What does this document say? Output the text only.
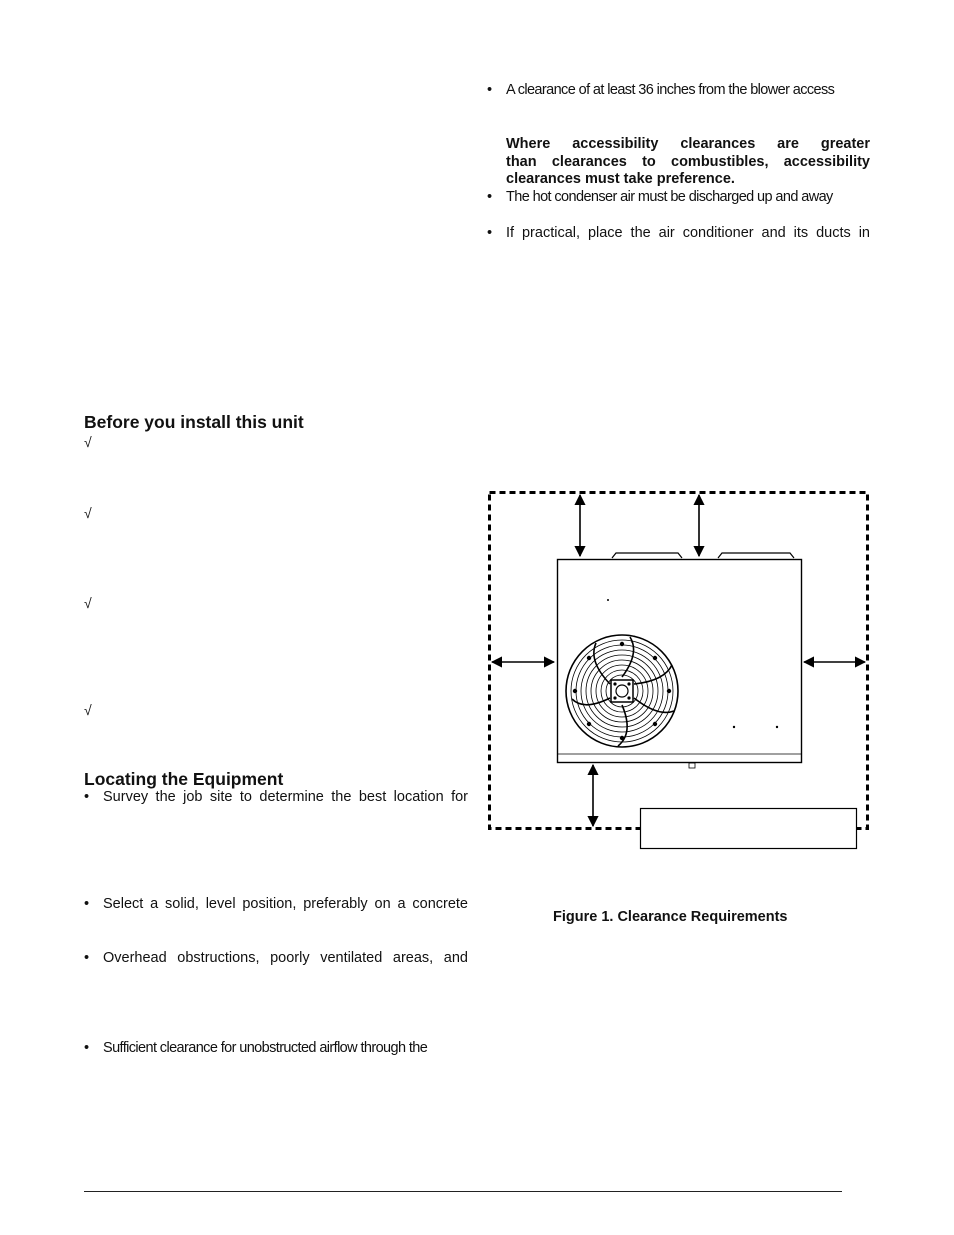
• A clearance of at least 36 inches from the blower access
Where accessibility clearances are greater
than clearances to combustibles, accessibility
clearances must take preference.
• The hot condenser air must be discharged up and away
• If practical, place the air conditioner and its ducts in
Before you install this unit
√
√
√
√
Locating the Equipment
• Survey the job site to determine the best location for
• Select a solid, level position, preferably on a concrete
• Overhead obstructions, poorly ventilated areas, and
• Sufficient clearance for unobstructed airflow through the
Figure 1. Clearance Requirements
